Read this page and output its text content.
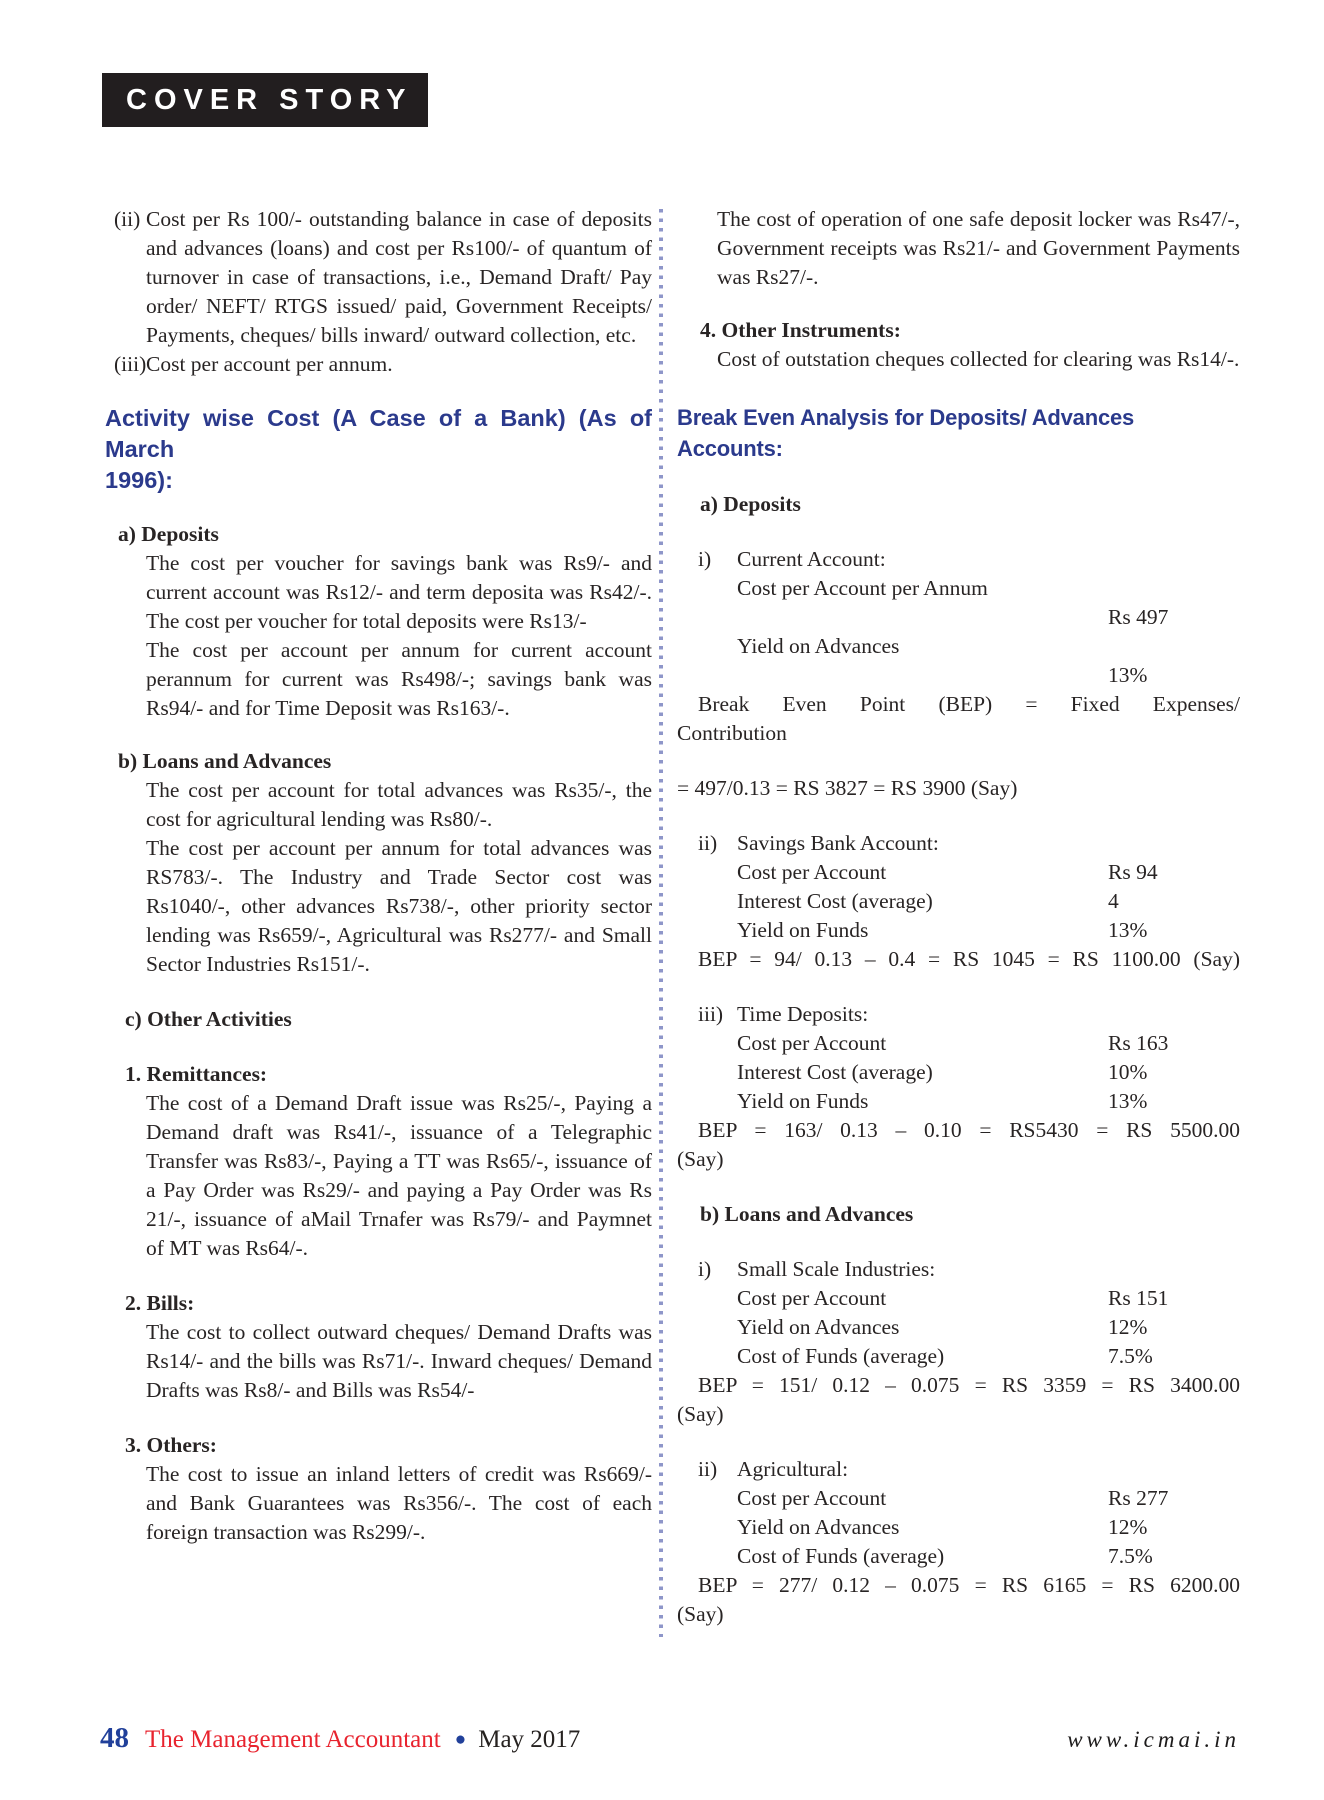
COVER STORY
(ii) Cost per Rs 100/- outstanding balance in case of deposits and advances (loans) and cost per Rs100/- of quantum of turnover in case of transactions, i.e., Demand Draft/ Pay order/ NEFT/ RTGS issued/ paid, Government Receipts/ Payments, cheques/ bills inward/ outward collection, etc.
(iii) Cost per account per annum.
Activity wise Cost (A Case of a Bank) (As of March
1996):
a) Deposits
The cost per voucher for savings bank was Rs9/- and current account was Rs12/- and term deposita was Rs42/-. The cost per voucher for total deposits were Rs13/-
The cost per account per annum for current account perannum for current was Rs498/-; savings bank was Rs94/- and for Time Deposit was Rs163/-.
b) Loans and Advances
The cost per account for total advances was Rs35/-, the cost for agricultural lending was Rs80/-.
The cost per account per annum for total advances was RS783/-. The Industry and Trade Sector cost was Rs1040/-, other advances Rs738/-, other priority sector lending was Rs659/-, Agricultural was Rs277/- and Small Sector Industries Rs151/-.
c) Other Activities
1. Remittances:
The cost of a Demand Draft issue was Rs25/-, Paying a Demand draft was Rs41/-, issuance of a Telegraphic Transfer was Rs83/-, Paying a TT was Rs65/-, issuance of a Pay Order was Rs29/- and paying a Pay Order was Rs 21/-, issuance of aMail Trnafer was Rs79/- and Paymnet of MT was Rs64/-.
2. Bills:
The cost to collect outward cheques/ Demand Drafts was Rs14/- and the bills was Rs71/-. Inward cheques/ Demand Drafts was Rs8/- and Bills was Rs54/-
3. Others:
The cost to issue an inland letters of credit was Rs669/- and Bank Guarantees was Rs356/-. The cost of each foreign transaction was Rs299/-.
The cost of operation of one safe deposit locker was Rs47/-, Government receipts was Rs21/- and Government Payments was Rs27/-.
4. Other Instruments:
Cost of outstation cheques collected for clearing was Rs14/-.
Break Even Analysis for Deposits/ Advances Accounts:
a) Deposits
i) Current Account:
Cost per Account per Annum
Rs 497
Yield on Advances
13%
Break Even Point (BEP) = Fixed Expenses/
Contribution
= 497/0.13 = RS 3827 = RS 3900 (Say)
ii) Savings Bank Account:
Cost per Account	Rs 94
Interest Cost (average)	4
Yield on Funds	13%
BEP = 94/ 0.13 – 0.4 = RS 1045 = RS 1100.00 (Say)
iii) Time Deposits:
Cost per Account	Rs 163
Interest Cost (average)	10%
Yield on Funds	13%
BEP = 163/ 0.13 – 0.10 = RS5430 = RS 5500.00
(Say)
b) Loans and Advances
i) Small Scale Industries:
Cost per Account	Rs 151
Yield on Advances	12%
Cost of Funds (average)	7.5%
BEP = 151/ 0.12 – 0.075 = RS 3359 = RS 3400.00
(Say)
ii) Agricultural:
Cost per Account	Rs 277
Yield on Advances	12%
Cost of Funds (average)	7.5%
BEP = 277/ 0.12 – 0.075 = RS 6165 = RS 6200.00
(Say)
48 The Management Accountant ● May 2017	www.icmai.in
